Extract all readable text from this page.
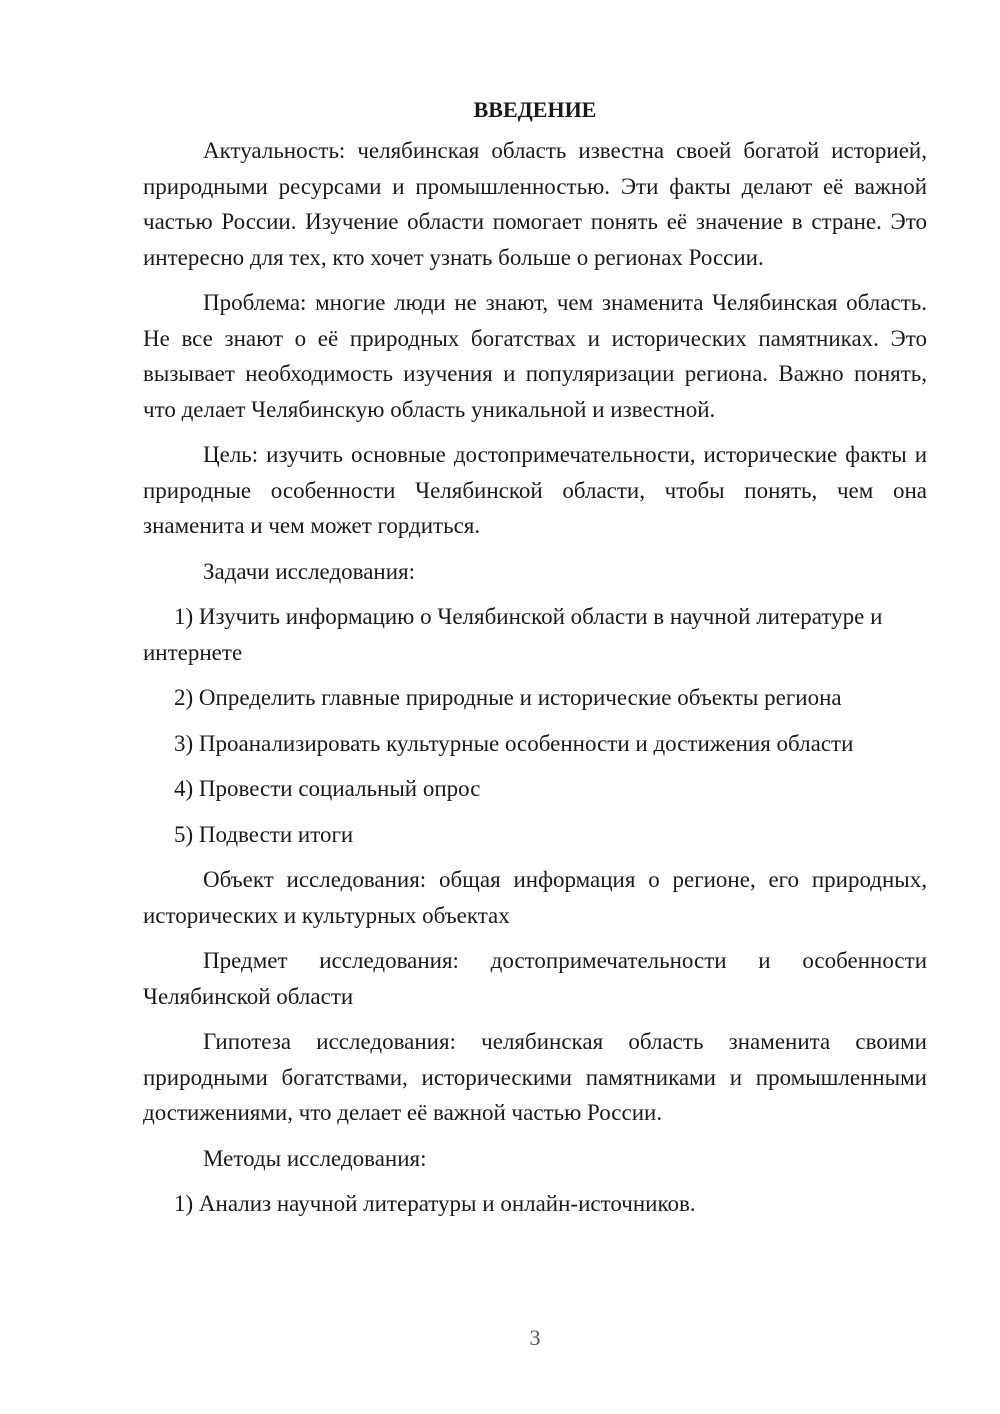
ВВЕДЕНИЕ

Актуальность: челябинская область известна своей богатой историей, природными ресурсами и промышленностью. Эти факты делают её важной частью России. Изучение области помогает понять её значение в стране. Это интересно для тех, кто хочет узнать больше о регионах России.

Проблема: многие люди не знают, чем знаменита Челябинская область. Не все знают о её природных богатствах и исторических памятниках. Это вызывает необходимость изучения и популяризации региона. Важно понять, что делает Челябинскую область уникальной и известной.

Цель: изучить основные достопримечательности, исторические факты и природные особенности Челябинской области, чтобы понять, чем она знаменита и чем может гордиться.

Задачи исследования:

1) Изучить информацию о Челябинской области в научной литературе и интернете

2) Определить главные природные и исторические объекты региона

3) Проанализировать культурные особенности и достижения области

4) Провести социальный опрос

5) Подвести итоги

Объект исследования: общая информация о регионе, его природных, исторических и культурных объектах

Предмет исследования: достопримечательности и особенности Челябинской области

Гипотеза исследования: челябинская область знаменита своими природными богатствами, историческими памятниками и промышленными достижениями, что делает её важной частью России.

Методы исследования:

1) Анализ научной литературы и онлайн-источников.

3
